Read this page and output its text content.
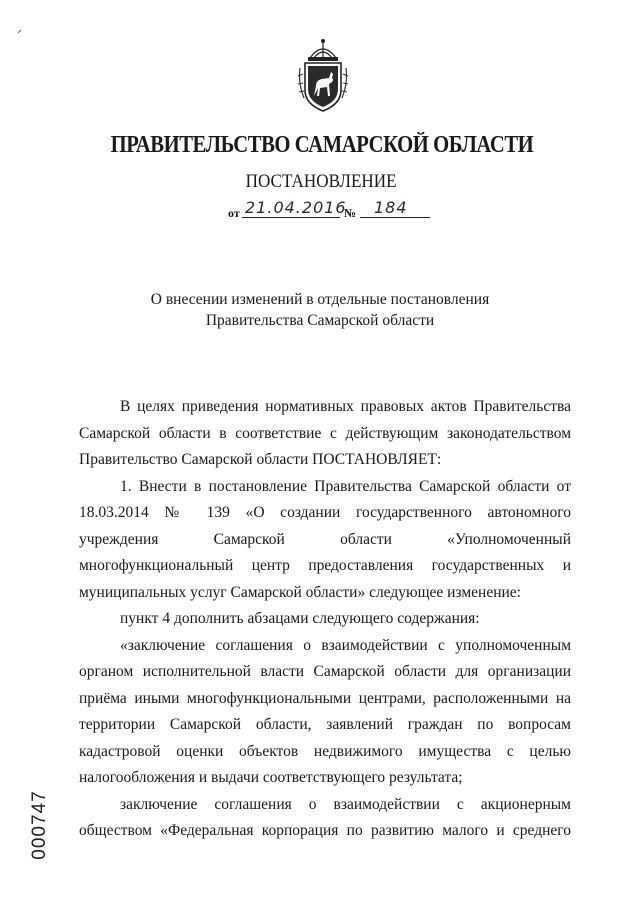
ПРАВИТЕЛЬСТВО САМАРСКОЙ ОБЛАСТИ
ПОСТАНОВЛЕНИЕ
от 21.04.2016
№ 184
О внесении изменений в отдельные постановления
Правительства Самарской области

В целях приведения нормативных правовых актов Правительства Самарской области в соответствие с действующим законодательством Правительство Самарской области ПОСТАНОВЛЯЕТ:

1. Внести в постановление Правительства Самарской области от 18.03.2014 № 139 «О создании государственного автономного учреждения Самарской области «Уполномоченный многофункциональный центр предоставления государственных и муниципальных услуг Самарской области» следующее изменение:

пункт 4 дополнить абзацами следующего содержания:

«заключение соглашения о взаимодействии с уполномоченным органом исполнительной власти Самарской области для организации приёма иными многофункциональными центрами, расположенными на территории Самарской области, заявлений граждан по вопросам кадастровой оценки объектов недвижимого имущества с целью налогообложения и выдачи соответствующего результата;

заключение соглашения о взаимодействии с акционерным обществом «Федеральная корпорация по развитию малого и среднего

000747
